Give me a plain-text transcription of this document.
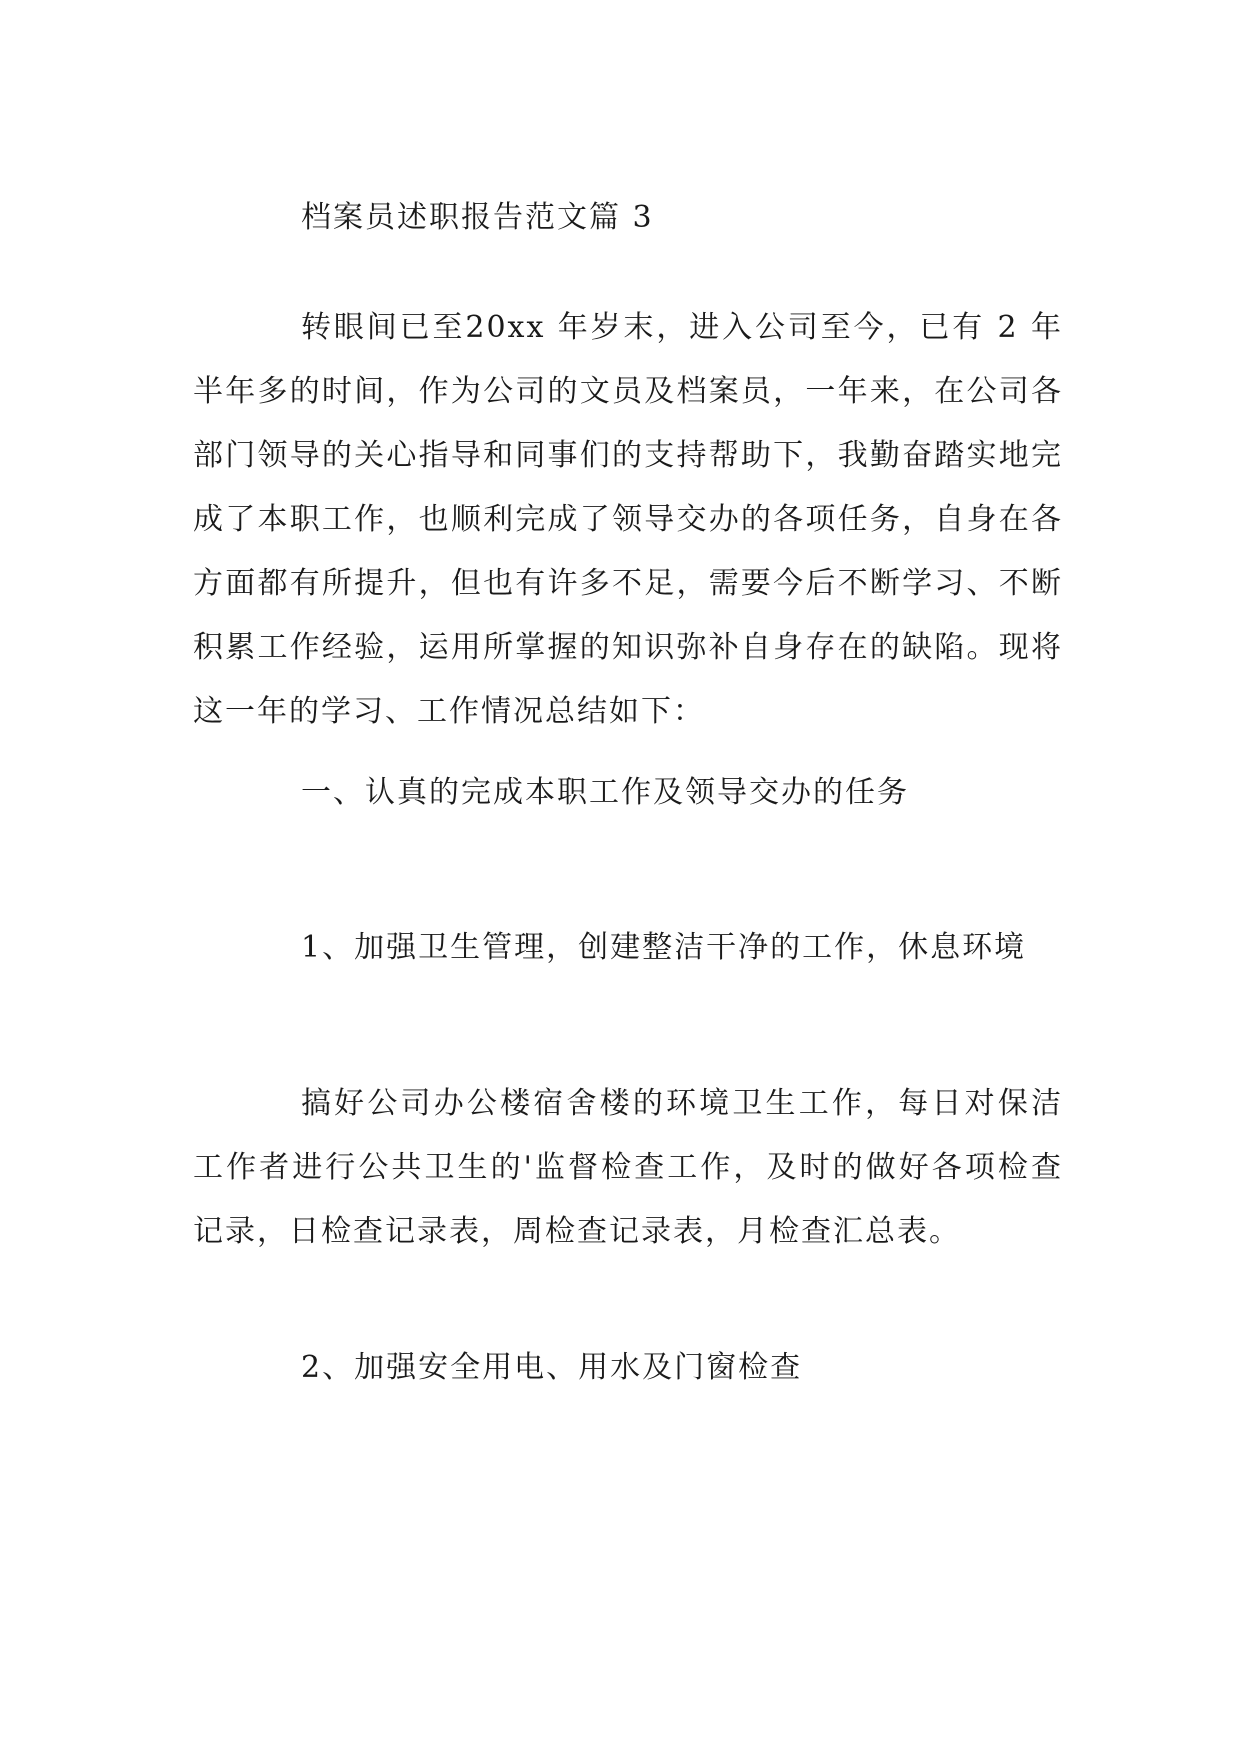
档案员述职报告范文篇 3
转眼间已至20xx 年岁末，进入公司至今，已有 2 年半年多的时间，作为公司的文员及档案员，一年来，在公司各部门领导的关心指导和同事们的支持帮助下，我勤奋踏实地完成了本职工作，也顺利完成了领导交办的各项任务，自身在各方面都有所提升，但也有许多不足，需要今后不断学习、不断积累工作经验，运用所掌握的知识弥补自身存在的缺陷。现将这一年的学习、工作情况总结如下：
一、认真的完成本职工作及领导交办的任务
1、加强卫生管理，创建整洁干净的工作，休息环境
搞好公司办公楼宿舍楼的环境卫生工作，每日对保洁工作者进行公共卫生的'监督检查工作，及时的做好各项检查记录，日检查记录表，周检查记录表，月检查汇总表。
2、加强安全用电、用水及门窗检查
